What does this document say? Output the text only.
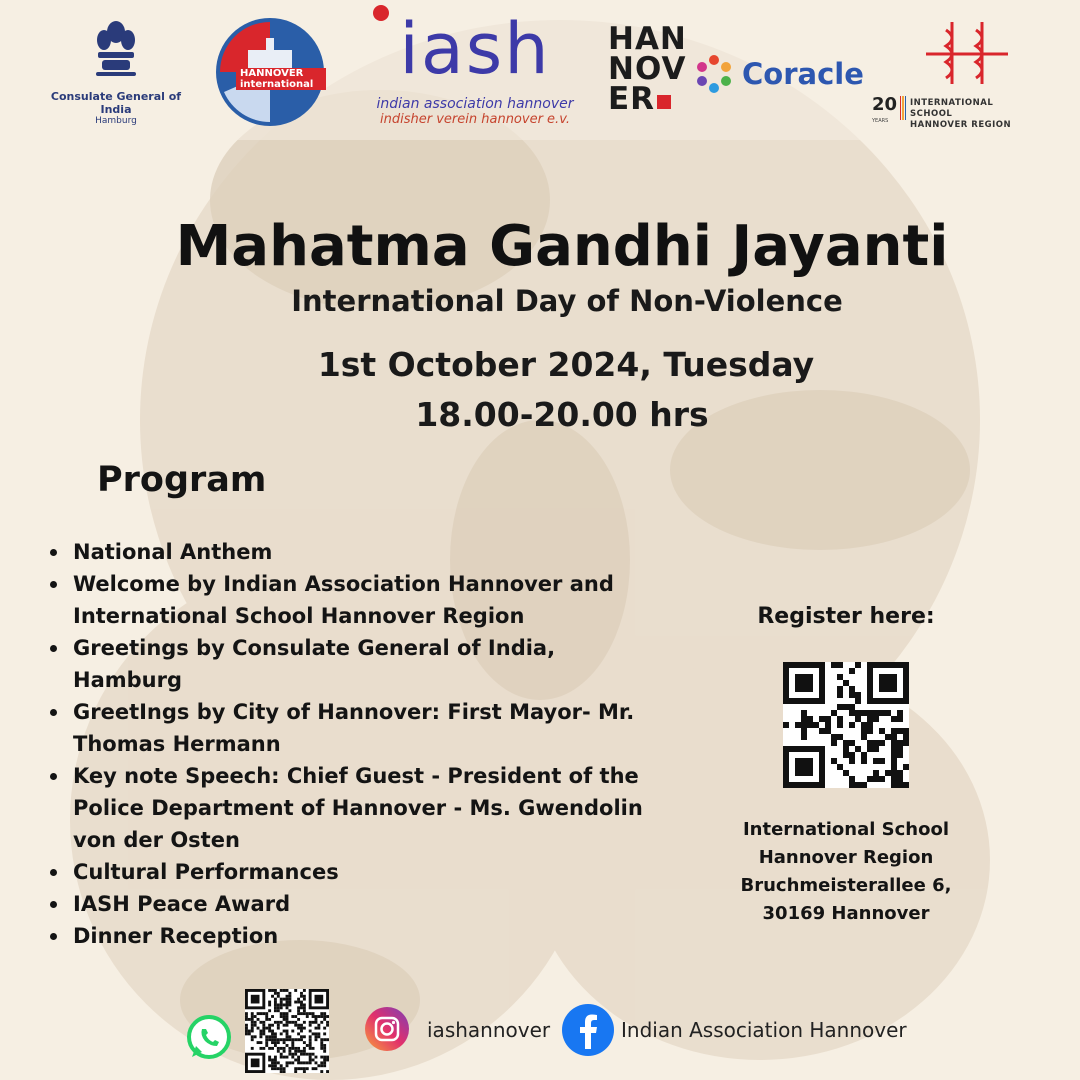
Consulate General of India
Hamburg
HANNOVER international	iash
indian association hannover
indisher verein hannover e.v.
HAN
NOV
ER
Coracle
20
YEARS
INTERNATIONAL SCHOOL
HANNOVER REGION
Mahatma Gandhi Jayanti
International Day of Non-Violence
1st October 2024, Tuesday
18.00-20.00 hrs
Program
National Anthem
Welcome by Indian Association Hannover and International School Hannover Region
Greetings by Consulate General of India, Hamburg
GreetIngs by City of Hannover: First Mayor- Mr. Thomas Hermann
Key note Speech: Chief Guest - President of the Police Department of Hannover - Ms. Gwendolin von der Osten
Cultural Performances
IASH Peace Award
Dinner Reception
Register here:
International School
Hannover Region
Bruchmeisterallee 6,
30169 Hannover
iashannover	Indian Association Hannover
